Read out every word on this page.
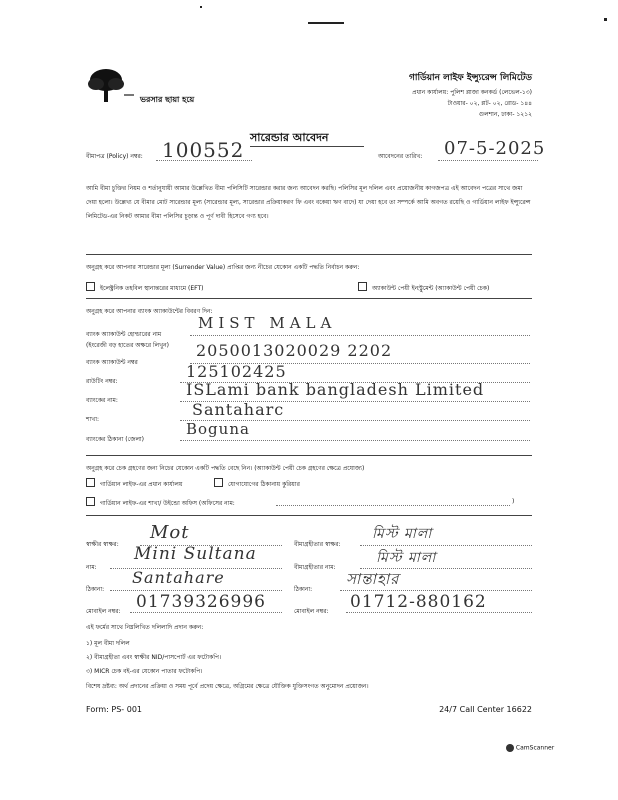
ভরসার ছায়া হয়ে
গার্ডিয়ান লাইফ ইন্স্যুরেন্স লিমিটেড
প্রধান কার্যালয়: পুলিশ প্লাজা কনকর্ড (লেভেল-১৩)
টাওয়ার- ০২, প্লট- ০২, রোড- ১৪৪
গুলশান, ঢাকা- ১২১২
সারেন্ডার আবেদন
বীমাপত্র (Policy) নম্বর: 100552	আবেদনের তারিখ: 07-5-2025
আমি বীমা চুক্তির নিয়ম ও শর্তানুযায়ী আমার উল্লেখিত বীমা পলিসিটি সারেন্ডার করার জন্য আবেদন করছি। পলিসির মূল দলিল এবং প্রয়োজনীয় কাগজপত্র এই আবেদন পত্রের সাথে জমা দেয়া হলো। উল্লেখ্য যে বীমার মোট সারেন্ডার মূল্য (সারেন্ডার মূল্য, সারেন্ডার প্রক্রিয়াকরণ ফি এবং বকেয়া ঋণ বাদে) যা দেয়া হবে তা সম্পর্কে আমি অবগত রয়েছি ও গার্ডিয়ান লাইফ ইন্স্যুরেন্স লিমিটেড-এর নিকট আমার বীমা পলিসির চূড়ান্ত ও পূর্ণ দাবী হিসেবে গণ্য হবে।
অনুগ্রহ করে আপনার সারেন্ডার মূল্য (Surrender Value) প্রাপ্তির জন্য নীচের যেকোন একটি পদ্ধতি নির্বাচন করুন:
ইলেক্ট্রনিক তহবিল স্থানান্তরের মাধ্যমে (EFT)	অ্যাকাউন্ট পেয়ী ইনস্ট্রুমেন্ট (অ্যাকাউন্ট পেয়ী চেক)
অনুগ্রহ করে আপনার ব্যাংক অ্যাকাউন্টের বিবরণ দিন:
ব্যাংক অ্যাকাউন্ট হোল্ডারের নাম
MIST MALA
(ইংরেজী বড় হাতের অক্ষরে লিখুন)
ব্যাংক অ্যাকাউন্ট নম্বর
2050013020029 2202
রাউটিং নম্বর:
125102425
ব্যাংকের নাম:
ISLami bank bangladesh Limited
শাখা:
Santaharc
ব্যাংকের ঠিকানা (জেলা)
Boguna
অনুগ্রহ করে চেক গ্রহণের জন্য নিচের যেকোন একটি পদ্ধতি বেছে নিন। (অ্যাকাউন্ট পেয়ী চেক গ্রহণের ক্ষেত্রে প্রযোজ্য)
গার্ডিয়ান লাইফ-এর প্রধান কার্যালয়	যোগাযোগের ঠিকানায় কুরিয়ার
গার্ডিয়ান লাইফ-এর শাখা/ উইন্ডো অফিস (অফিসের নাম:	)
স্বাক্ষীর স্বাক্ষর:
Mot
নাম:
Mini Sultana
ঠিকানা:
Santahare
মোবাইল নম্বর: 01739326996
বীমাগ্রহীতার স্বাক্ষর:
মিস্ট মালা
বীমাগ্রহীতার নাম:
মিস্ট মালা
ঠিকানা:
সান্তাহার
মোবাইল নম্বর: 01712-880162
এই ফর্মের সাথে নিম্নলিখিত দলিলাদি প্রদান করুন:
১) মূল বীমা দলিল
২) বীমাগ্রহীতা এবং স্বাক্ষীর NID/পাসপোর্ট এর ফটোকপি।
৩) MICR চেক বই-এর যেকোন পাতার ফটোকপি।
বিশেষ দ্রষ্টব্য: অর্থ প্রদানের প্রক্রিয়া ও সময় পূর্বে প্রদেয় ক্ষেত্রে, অগ্রিমের ক্ষেত্রে যৌক্তিক যুক্তিসংগত অনুমোদন প্রয়োজন।
Form: PS- 001	24/7 Call Center 16622
CamScanner
